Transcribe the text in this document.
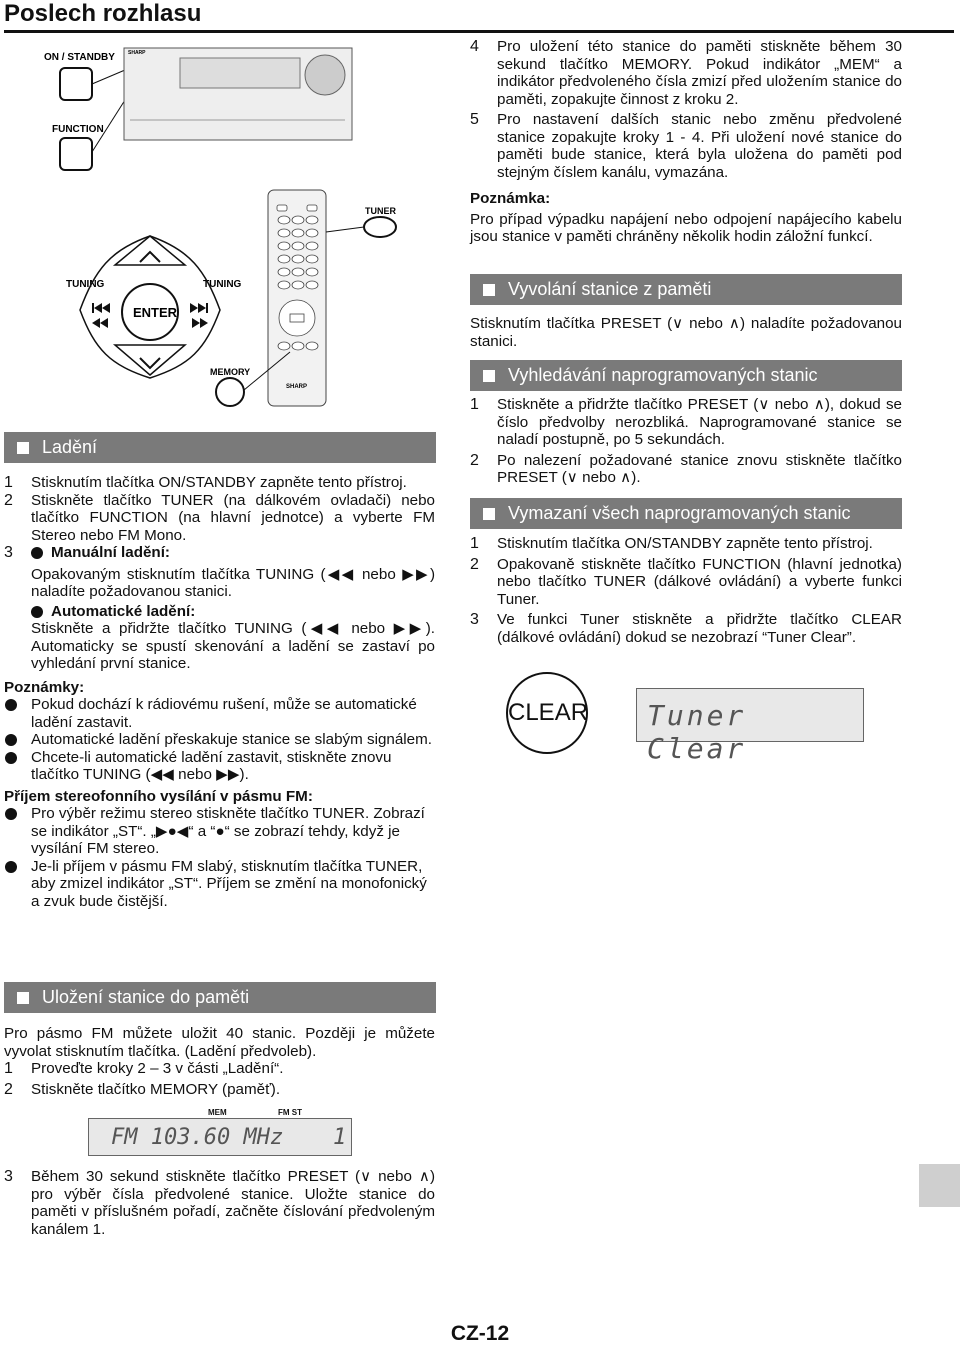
Poslech rozhlasu
ON / STANDBY
FUNCTION
SHARP
SHARP
TUNER
TUNING	TUNING
ENTER
MEMORY
Ladění

1 Stisknutím tlačítka ON/STANDBY zapněte tento přístroj.

2 Stiskněte tlačítko TUNER (na dálkovém ovladači) nebo tlačítko FUNCTION (na hlavní jednotce) a vyberte FM Stereo nebo FM Mono.

3	Manuální ladění:

Opakovaným stisknutím tlačítka TUNING (◀◀ nebo ▶▶) naladíte požadovanou stanici.

Automatické ladění:

Stiskněte a přidržte tlačítko TUNING (◀◀ nebo ▶▶). Automaticky se spustí skenování a ladění se zastaví po vyhledání první stanice.

Poznámky:

Pokud dochází k rádiovému rušení, může se automatické ladění zastavit.

Automatické ladění přeskakuje stanice se slabým signálem.

Chcete-li automatické ladění zastavit, stiskněte znovu tlačítko TUNING (◀◀ nebo ▶▶).

Příjem stereofonního vysílání v pásmu FM:

Pro výběr režimu stereo stiskněte tlačítko TUNER. Zobrazí se indikátor „ST“. „▶●◀“ a “●“ se zobrazí tehdy, když je vysílání FM stereo.

Je-li příjem v pásmu FM slabý, stisknutím tlačítka TUNER, aby zmizel indikátor „ST“. Příjem se změní na monofonický a zvuk bude čistější.

Uložení stanice do paměti

Pro pásmo FM můžete uložit 40 stanic. Později je můžete vyvolat stisknutím tlačítka. (Ladění předvoleb).

1 Proveďte kroky 2 – 3 v části „Ladění“.

2 Stiskněte tlačítko MEMORY (paměť).

MEM	FM ST
FM 103.60 MHz 1

3 Během 30 sekund stiskněte tlačítko PRESET (∨ nebo ∧) pro výběr čísla předvolené stanice. Uložte stanice do paměti v příslušném pořadí, začněte číslování předvoleným kanálem 1.

4 Pro uložení této stanice do paměti stiskněte během 30 sekund tlačítko MEMORY. Pokud indikátor „MEM“ a indikátor předvoleného čísla zmizí před uložením stanice do paměti, zopakujte činnost z kroku 2.

5 Pro nastavení dalších stanic nebo změnu předvolené stanice zopakujte kroky 1 - 4. Při uložení nové stanice do paměti bude stanice, která byla uložena do paměti pod stejným číslem kanálu, vymazána.

Poznámka:

Pro případ výpadku napájení nebo odpojení napájecího kabelu jsou stanice v paměti chráněny několik hodin záložní funkcí.

Vyvolání stanice z paměti

Stisknutím tlačítka PRESET (∨ nebo ∧) naladíte požadovanou stanici.

Vyhledávání naprogramovaných stanic

1 Stiskněte a přidržte tlačítko PRESET (∨ nebo ∧), dokud se číslo předvolby nerozbliká. Naprogramované stanice se naladí postupně, po 5 sekundách.

2 Po nalezení požadované stanice znovu stiskněte tlačítko PRESET (∨ nebo ∧).

Vymazaní všech naprogramovaných stanic

1 Stisknutím tlačítka ON/STANDBY zapněte tento přístroj.

2 Opakovaně stiskněte tlačítko FUNCTION (hlavní jednotka) nebo tlačítko TUNER (dálkové ovládání) a vyberte funkci Tuner.

3 Ve funkci Tuner stiskněte a přidržte tlačítko CLEAR (dálkové ovládání) dokud se nezobrazí “Tuner Clear”.

CLEAR Tuner Clear
CZ-12
